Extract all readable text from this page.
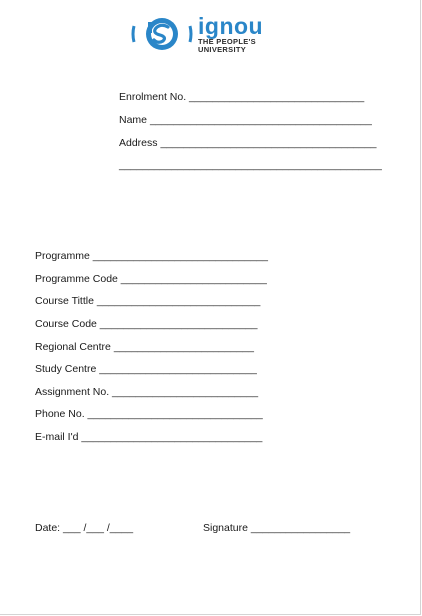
ignou
THE PEOPLE'S
UNIVERSITY
Enrolment No. ______________________________
Name ______________________________________
Address _____________________________________
_____________________________________________
Programme ______________________________
Programme Code _________________________
Course Tittle ____________________________
Course Code ___________________________
Regional Centre ________________________
Study Centre ___________________________
Assignment No. _________________________
Phone No. ______________________________
E-mail I'd _______________________________
Date: ___ /___ /____	Signature _________________
